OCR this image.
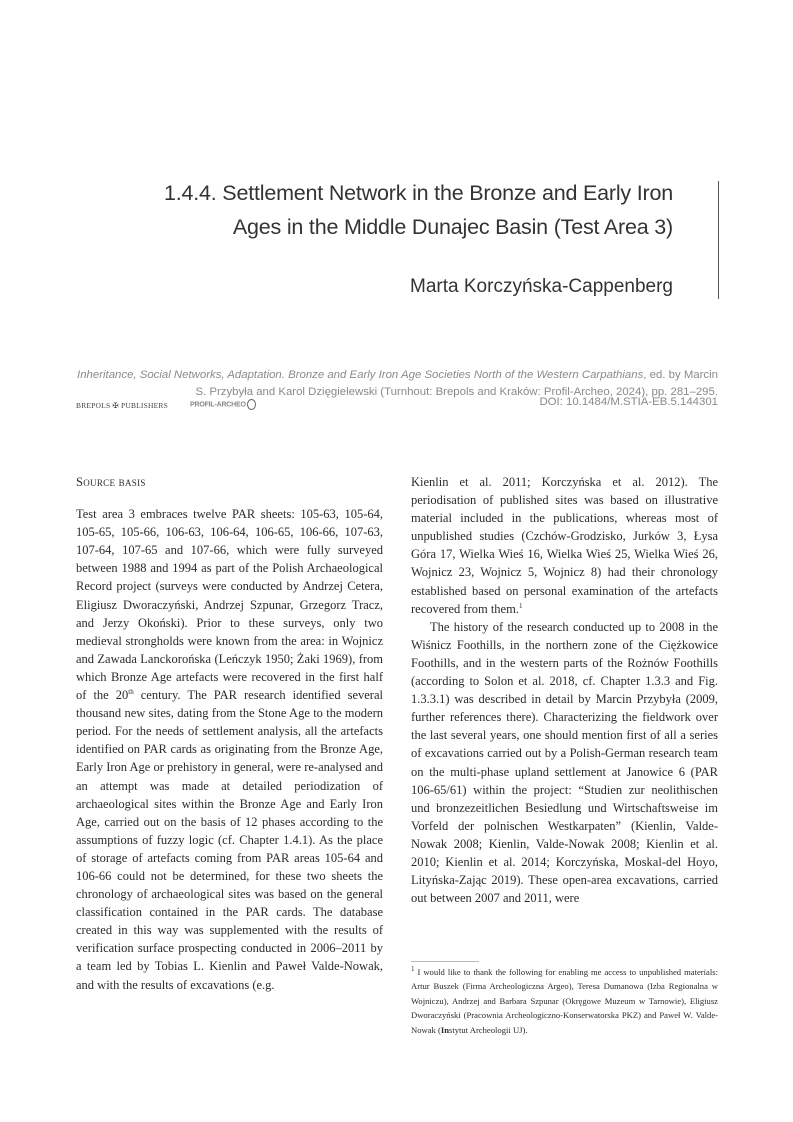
1.4.4. Settlement Network in the Bronze and Early Iron
Ages in the Middle Dunajec Basin (Test Area 3)
Marta Korczyńska-Cappenberg
Inheritance, Social Networks, Adaptation. Bronze and Early Iron Age Societies North of the Western Carpathians, ed. by Marcin S. Przybyła and Karol Dzięgielewski (Turnhout: Brepols and Kraków: Profil-Archeo, 2024), pp. 281–295.
BREPOLS ✠ PUBLISHERS	PROFIL-ARCHEO	DOI: 10.1484/M.STIA-EB.5.144301

Source basis

Test area 3 embraces twelve PAR sheets: 105-63, 105-64, 105-65, 105-66, 106-63, 106-64, 106-65, 106-66, 107-63, 107-64, 107-65 and 107-66, which were fully surveyed between 1988 and 1994 as part of the Polish Archaeological Record project (surveys were conducted by Andrzej Cetera, Eligiusz Dworaczyński, Andrzej Szpunar, Grzegorz Tracz, and Jerzy Okoński). Prior to these surveys, only two medieval strongholds were known from the area: in Wojnicz and Zawada Lanckorońska (Leńczyk 1950; Żaki 1969), from which Bronze Age artefacts were recovered in the first half of the 20th century. The PAR research identified several thousand new sites, dating from the Stone Age to the modern period. For the needs of settlement analysis, all the artefacts identified on PAR cards as originating from the Bronze Age, Early Iron Age or prehistory in general, were re-analysed and an attempt was made at detailed periodization of archaeological sites within the Bronze Age and Early Iron Age, carried out on the basis of 12 phases according to the assumptions of fuzzy logic (cf. Chapter 1.4.1). As the place of storage of artefacts coming from PAR areas 105-64 and 106-66 could not be determined, for these two sheets the chronology of archaeological sites was based on the general classification contained in the PAR cards. The database created in this way was supplemented with the results of verification surface prospecting conducted in 2006–2011 by a team led by Tobias L. Kienlin and Paweł Valde-Nowak, and with the results of excavations (e.g.

Kienlin et al. 2011; Korczyńska et al. 2012). The periodisation of published sites was based on illustrative material included in the publications, whereas most of unpublished studies (Czchów-Grodzisko, Jurków 3, Łysa Góra 17, Wielka Wieś 16, Wielka Wieś 25, Wielka Wieś 26, Wojnicz 23, Wojnicz 5, Wojnicz 8) had their chronology established based on personal examination of the artefacts recovered from them.$^1$

The history of the research conducted up to 2008 in the Wiśnicz Foothills, in the northern zone of the Ciężkowice Foothills, and in the western parts of the Rożnów Foothills (according to Solon et al. 2018, cf. Chapter 1.3.3 and Fig. 1.3.3.1) was described in detail by Marcin Przybyła (2009, further references there). Characterizing the fieldwork over the last several years, one should mention first of all a series of excavations carried out by a Polish-German research team on the multi-phase upland settlement at Janowice 6 (PAR 106-65/61) within the project: “Studien zur neolithischen und bronzezeitlichen Besiedlung und Wirtschaftsweise im Vorfeld der polnischen Westkarpaten” (Kienlin, Valde-Nowak 2008; Kienlin, Valde-Nowak 2008; Kienlin et al. 2010; Kienlin et al. 2014; Korczyńska, Moskal-del Hoyo, Lityńska-Zając 2019). These open-area excavations, carried out between 2007 and 2011, were

$^1$ I would like to thank the following for enabling me access to unpublished materials: Artur Buszek (Firma Archeologiczna Argeo), Teresa Dumanowa (Izba Regionalna w Wojniczu), Andrzej and Barbara Szpunar (Okręgowe Muzeum w Tarnowie), Eligiusz Dworaczyński (Pracownia Archeologiczno-Konserwatorska PKZ) and Paweł W. Valde-Nowak (Instytut Archeologii UJ).
